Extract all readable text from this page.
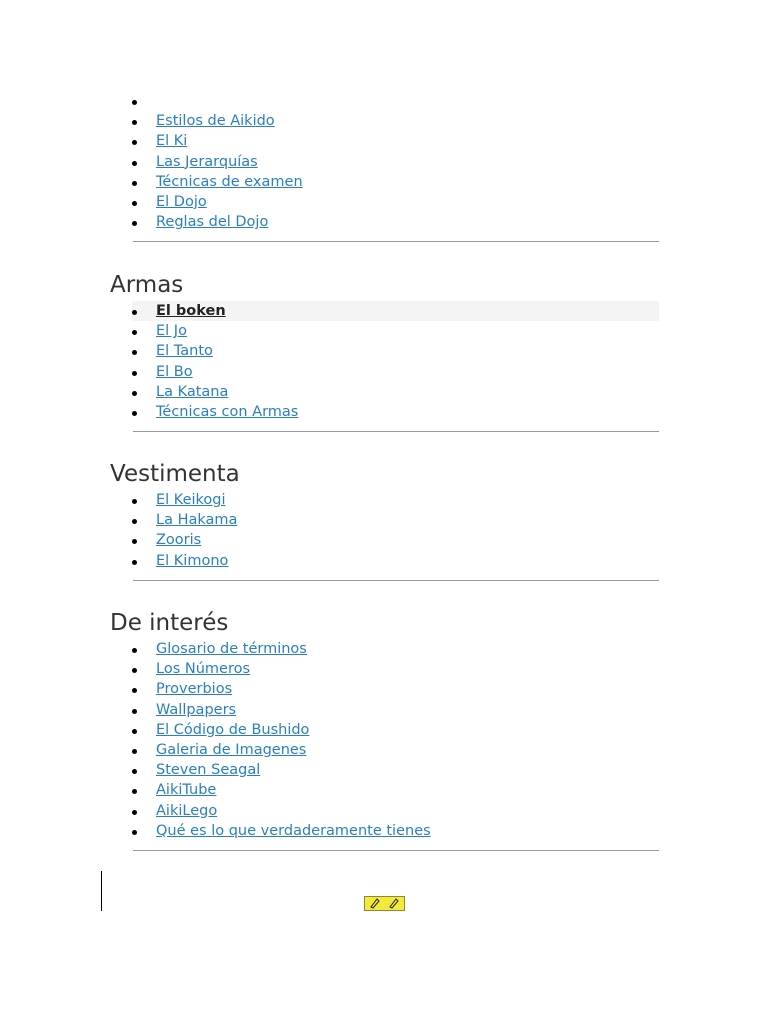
Estilos de Aikido
El Ki
Las Jerarquías
Técnicas de examen
El Dojo
Reglas del Dojo
Armas
El boken
El Jo
El Tanto
El Bo
La Katana
Técnicas con Armas
Vestimenta
El Keikogi
La Hakama
Zooris
El Kimono
De interés
Glosario de términos
Los Números
Proverbios
Wallpapers
El Código de Bushido
Galeria de Imagenes
Steven Seagal
AikiTube
AikiLego
Qué es lo que verdaderamente tienes
